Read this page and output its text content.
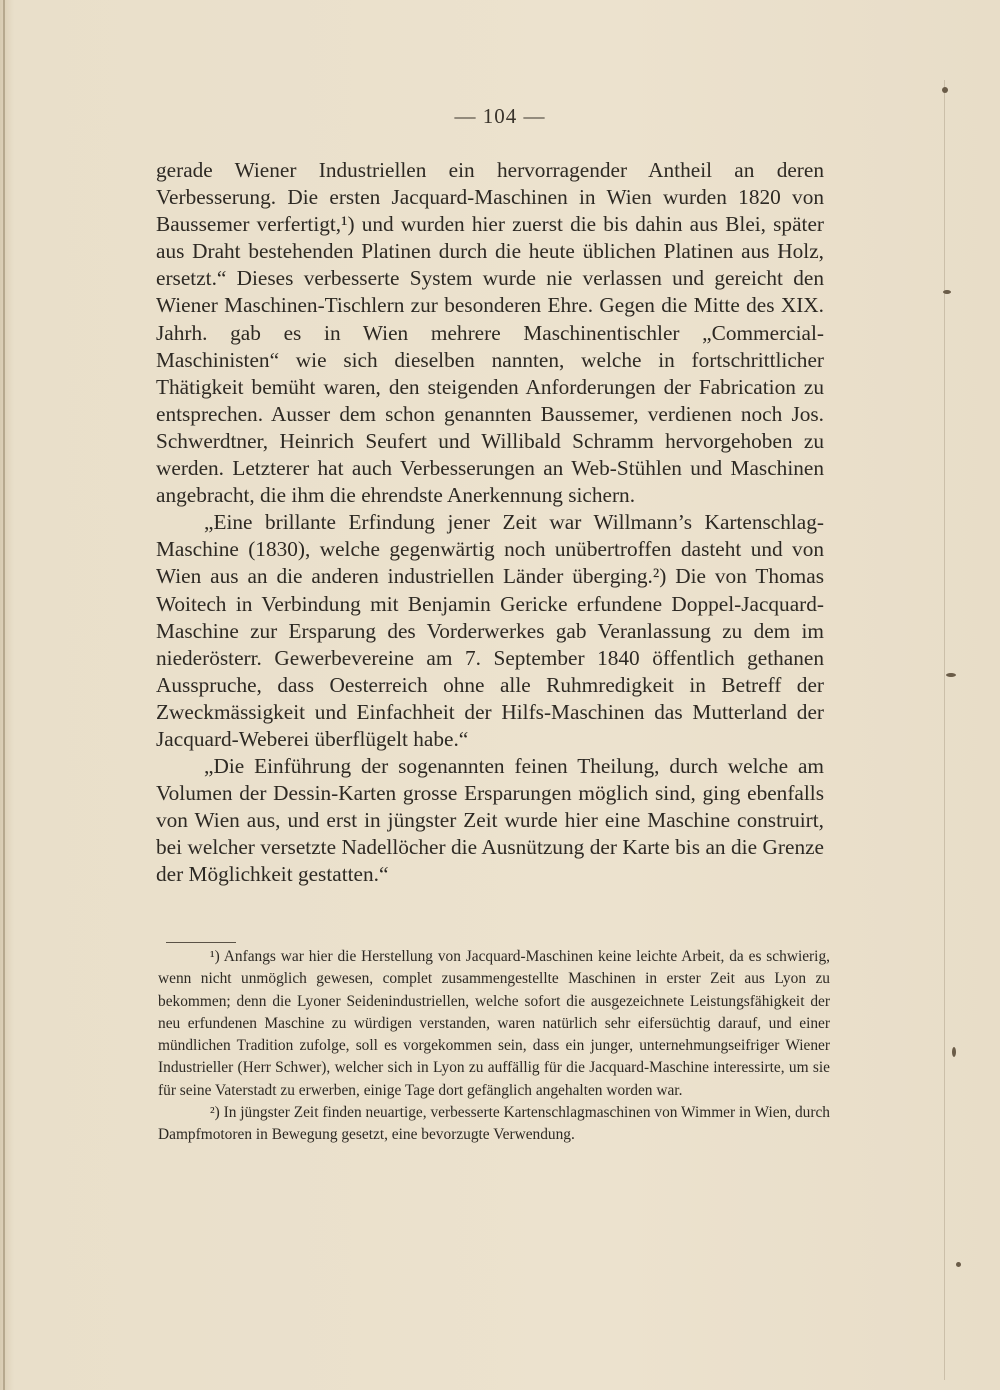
— 104 —

gerade Wiener Industriellen ein hervorragender Antheil an deren Verbesserung. Die ersten Jacquard-Maschinen in Wien wurden 1820 von Baussemer verfertigt,¹) und wurden hier zuerst die bis dahin aus Blei, später aus Draht bestehenden Platinen durch die heute üblichen Platinen aus Holz, ersetzt.“ Dieses verbesserte System wurde nie verlassen und gereicht den Wiener Maschinen-Tischlern zur besonderen Ehre. Gegen die Mitte des XIX. Jahrh. gab es in Wien mehrere Maschinentischler „Commercial-Maschinisten“ wie sich dieselben nannten, welche in fortschrittlicher Thätigkeit bemüht waren, den steigenden Anforderungen der Fabrication zu entsprechen. Ausser dem schon genannten Baussemer, verdienen noch Jos. Schwerdtner, Heinrich Seufert und Willibald Schramm hervorgehoben zu werden. Letzterer hat auch Verbesserungen an Web-Stühlen und Maschinen angebracht, die ihm die ehrendste Anerkennung sichern.

„Eine brillante Erfindung jener Zeit war Willmann’s Kartenschlag-Maschine (1830), welche gegenwärtig noch unübertroffen dasteht und von Wien aus an die anderen industriellen Länder überging.²) Die von Thomas Woitech in Verbindung mit Benjamin Gericke erfundene Doppel-Jacquard-Maschine zur Ersparung des Vorderwerkes gab Veranlassung zu dem im niederösterr. Gewerbevereine am 7. September 1840 öffentlich gethanen Ausspruche, dass Oesterreich ohne alle Ruhmredigkeit in Betreff der Zweckmässigkeit und Einfachheit der Hilfs-Maschinen das Mutterland der Jacquard-Weberei überflügelt habe.“

„Die Einführung der sogenannten feinen Theilung, durch welche am Volumen der Dessin-Karten grosse Ersparungen möglich sind, ging ebenfalls von Wien aus, und erst in jüngster Zeit wurde hier eine Maschine construirt, bei welcher versetzte Nadellöcher die Ausnützung der Karte bis an die Grenze der Möglichkeit gestatten.“

¹) Anfangs war hier die Herstellung von Jacquard-Maschinen keine leichte Arbeit, da es schwierig, wenn nicht unmöglich gewesen, complet zusammengestellte Maschinen in erster Zeit aus Lyon zu bekommen; denn die Lyoner Seidenindustriellen, welche sofort die ausgezeichnete Leistungsfähigkeit der neu erfundenen Maschine zu würdigen verstanden, waren natürlich sehr eifersüchtig darauf, und einer mündlichen Tradition zufolge, soll es vorgekommen sein, dass ein junger, unternehmungseifriger Wiener Industrieller (Herr Schwer), welcher sich in Lyon zu auffällig für die Jacquard-Maschine interessirte, um sie für seine Vaterstadt zu erwerben, einige Tage dort gefänglich angehalten worden war.

²) In jüngster Zeit finden neuartige, verbesserte Kartenschlagmaschinen von Wimmer in Wien, durch Dampfmotoren in Bewegung gesetzt, eine bevorzugte Verwendung.
